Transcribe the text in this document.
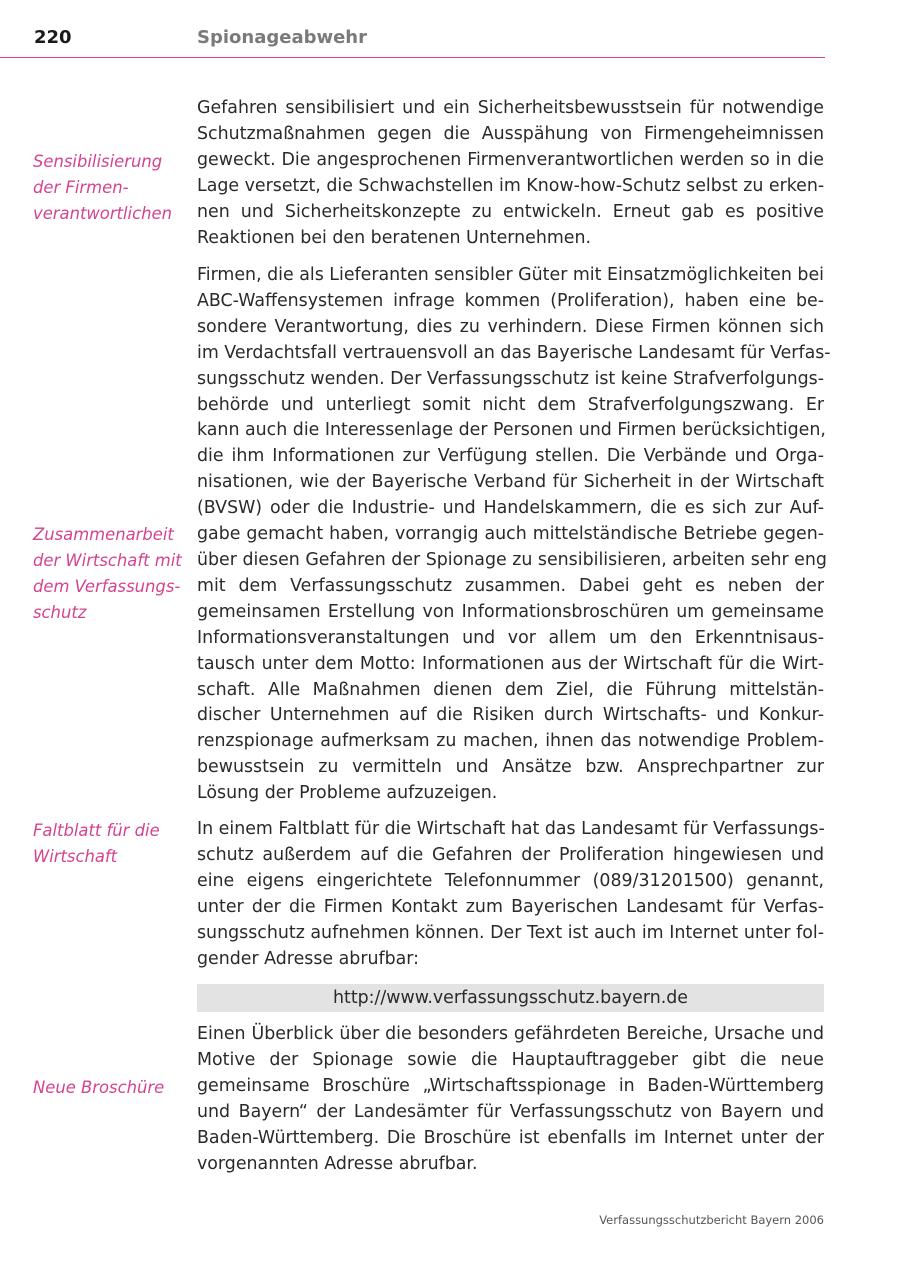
220	Spionageabwehr
Sensibilisierung
der Firmen-
verantwortlichen
Zusammenarbeit
der Wirtschaft mit
dem Verfassungs-
schutz
Faltblatt für die
Wirtschaft
Neue Broschüre
Gefahren sensibilisiert und ein Sicherheitsbewusstsein für notwendige
Schutzmaßnahmen gegen die Ausspähung von Firmengeheimnissen
geweckt. Die angesprochenen Firmenverantwortlichen werden so in die
Lage versetzt, die Schwachstellen im Know-how-Schutz selbst zu erken-
nen und Sicherheitskonzepte zu entwickeln. Erneut gab es positive
Reaktionen bei den beratenen Unternehmen.
Firmen, die als Lieferanten sensibler Güter mit Einsatzmöglichkeiten bei
ABC-Waffensystemen infrage kommen (Proliferation), haben eine be-
sondere Verantwortung, dies zu verhindern. Diese Firmen können sich
im Verdachtsfall vertrauensvoll an das Bayerische Landesamt für Verfas-
sungsschutz wenden. Der Verfassungsschutz ist keine Strafverfolgungs-
behörde und unterliegt somit nicht dem Strafverfolgungszwang. Er
kann auch die Interessenlage der Personen und Firmen berücksichtigen,
die ihm Informationen zur Verfügung stellen. Die Verbände und Orga-
nisationen, wie der Bayerische Verband für Sicherheit in der Wirtschaft
(BVSW) oder die Industrie- und Handelskammern, die es sich zur Auf-
gabe gemacht haben, vorrangig auch mittelständische Betriebe gegen-
über diesen Gefahren der Spionage zu sensibilisieren, arbeiten sehr eng
mit dem Verfassungsschutz zusammen. Dabei geht es neben der
gemeinsamen Erstellung von Informationsbroschüren um gemeinsame
Informationsveranstaltungen und vor allem um den Erkenntnisaus-
tausch unter dem Motto: Informationen aus der Wirtschaft für die Wirt-
schaft. Alle Maßnahmen dienen dem Ziel, die Führung mittelstän-
discher Unternehmen auf die Risiken durch Wirtschafts- und Konkur-
renzspionage aufmerksam zu machen, ihnen das notwendige Problem-
bewusstsein zu vermitteln und Ansätze bzw. Ansprechpartner zur
Lösung der Probleme aufzuzeigen.
In einem Faltblatt für die Wirtschaft hat das Landesamt für Verfassungs-
schutz außerdem auf die Gefahren der Proliferation hingewiesen und
eine eigens eingerichtete Telefonnummer (089/31201500) genannt,
unter der die Firmen Kontakt zum Bayerischen Landesamt für Verfas-
sungsschutz aufnehmen können. Der Text ist auch im Internet unter fol-
gender Adresse abrufbar:
http://www.verfassungsschutz.bayern.de
Einen Überblick über die besonders gefährdeten Bereiche, Ursache und
Motive der Spionage sowie die Hauptauftraggeber gibt die neue
gemeinsame Broschüre „Wirtschaftsspionage in Baden-Württemberg
und Bayern“ der Landesämter für Verfassungsschutz von Bayern und
Baden-Württemberg. Die Broschüre ist ebenfalls im Internet unter der
vorgenannten Adresse abrufbar.
Verfassungsschutzbericht Bayern 2006
